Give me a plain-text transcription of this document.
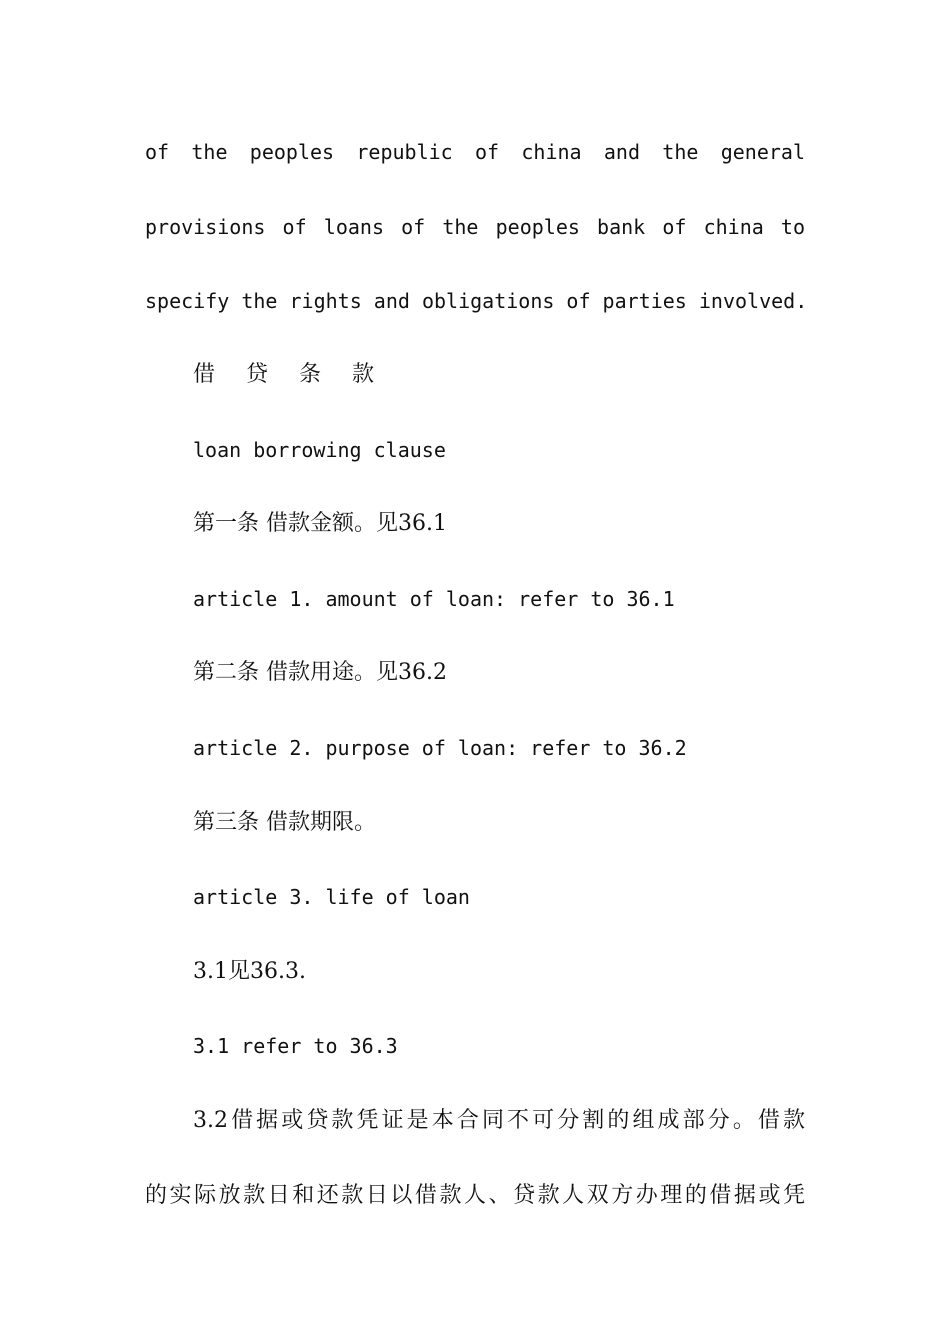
of the peoples republic of china and the general
provisions of loans of the peoples bank of china to
specify the rights and obligations of parties involved.
借 贷 条 款
loan borrowing clause
第一条 借款金额。见36.1
article 1. amount of loan: refer to 36.1
第二条 借款用途。见36.2
article 2. purpose of loan: refer to 36.2
第三条 借款期限。
article 3. life of loan
3.1见36.3.
3.1 refer to 36.3
3.2借据或贷款凭证是本合同不可分割的组成部分。借款
的实际放款日和还款日以借款人、贷款人双方办理的借据或凭
